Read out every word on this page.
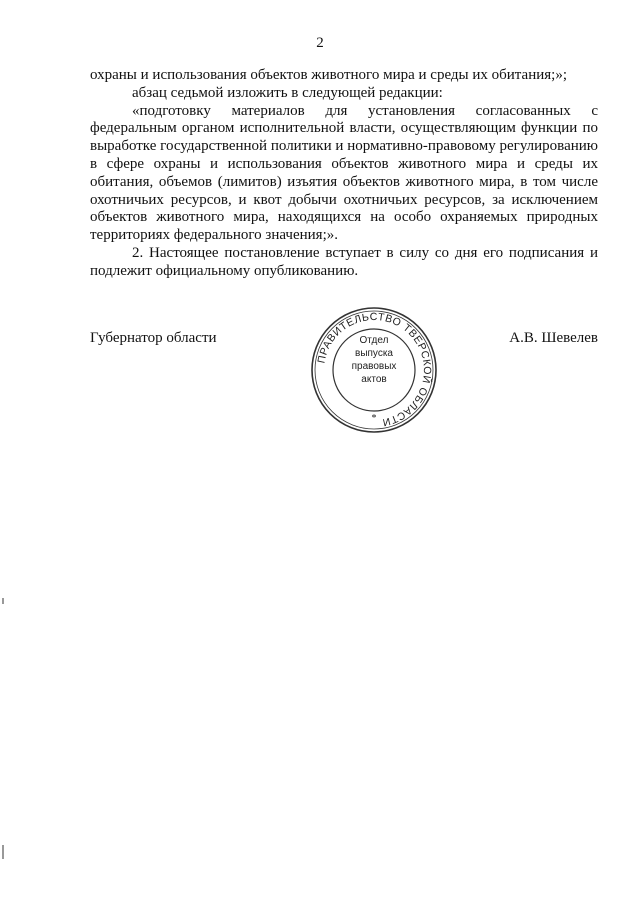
2

охраны и использования объектов животного мира и среды их обитания;»;

абзац седьмой изложить в следующей редакции:

«подготовку материалов для установления согласованных с федеральным органом исполнительной власти, осуществляющим функции по выработке государственной политики и нормативно-правовому регулированию в сфере охраны и использования объектов животного мира и среды их обитания, объемов (лимитов) изъятия объектов животного мира, в том числе охотничьих ресурсов, и квот добычи охотничьих ресурсов, за исключением объектов животного мира, находящихся на особо охраняемых природных территориях федерального значения;».

2. Настоящее постановление вступает в силу со дня его подписания и подлежит официальному опубликованию.

Губернатор области	А.В. Шевелев
ПРАВИТЕЛЬСТВО ТВЕРСКОЙ ОБЛАСТИ
*
Отдел
выпуска
правовых
актов
